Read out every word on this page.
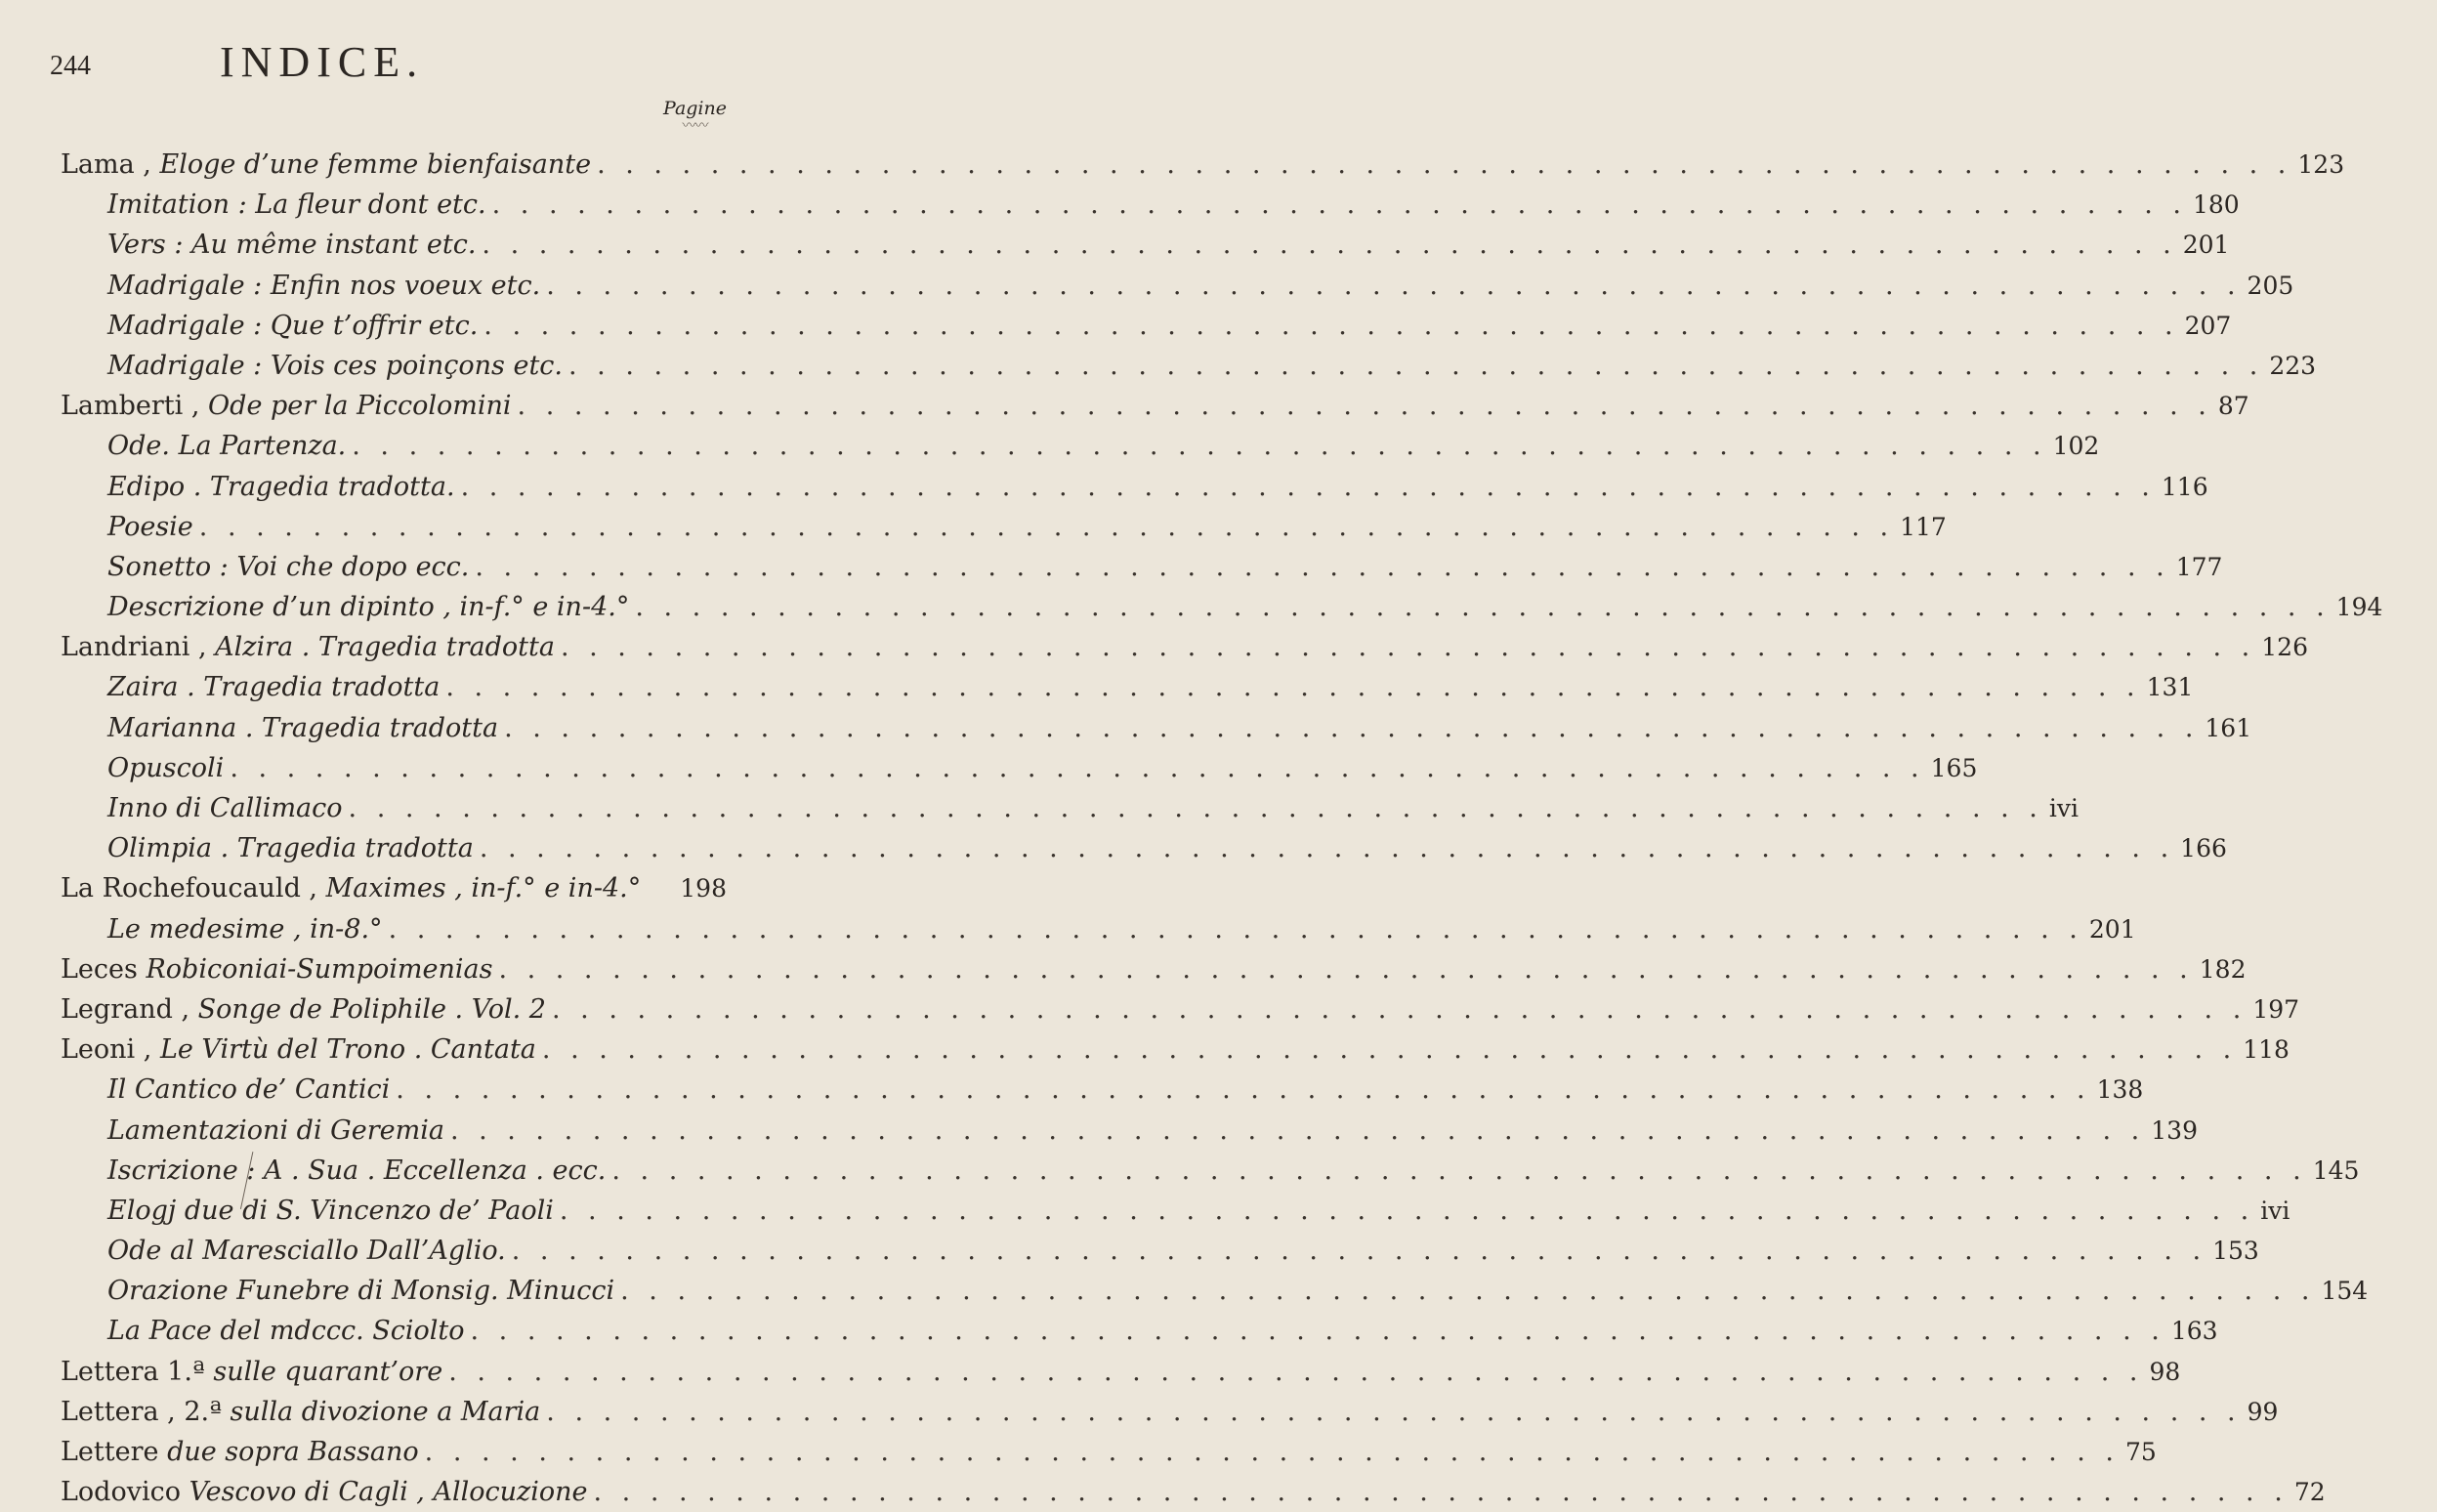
244	INDICE.
Pagine
〰〰
Lama , Eloge d’une femme bienfaisante . . . . . . . . . . . . . . . . . . . . . . . . . . . . . . . . . . . . . . . . . . . . . . . . . . . . . . . . . . . . 123
Imitation : La fleur dont etc. . . . . . . . . . . . . . . . . . . . . . . . . . . . . . . . . . . . . . . . . . . . . . . . . . . . . . . . . . . . . 180
Vers : Au même instant etc. . . . . . . . . . . . . . . . . . . . . . . . . . . . . . . . . . . . . . . . . . . . . . . . . . . . . . . . . . . . . 201
Madrigale : Enfin nos voeux etc. . . . . . . . . . . . . . . . . . . . . . . . . . . . . . . . . . . . . . . . . . . . . . . . . . . . . . . . . . . . . 205
Madrigale : Que t’offrir etc. . . . . . . . . . . . . . . . . . . . . . . . . . . . . . . . . . . . . . . . . . . . . . . . . . . . . . . . . . . . . 207
Madrigale : Vois ces poinçons etc. . . . . . . . . . . . . . . . . . . . . . . . . . . . . . . . . . . . . . . . . . . . . . . . . . . . . . . . . . . . . 223
Lamberti , Ode per la Piccolomini . . . . . . . . . . . . . . . . . . . . . . . . . . . . . . . . . . . . . . . . . . . . . . . . . . . . . . . . . . . . 87
Ode. La Partenza. . . . . . . . . . . . . . . . . . . . . . . . . . . . . . . . . . . . . . . . . . . . . . . . . . . . . . . . . . . . . 102
Edipo . Tragedia tradotta. . . . . . . . . . . . . . . . . . . . . . . . . . . . . . . . . . . . . . . . . . . . . . . . . . . . . . . . . . . . . 116
Poesie . . . . . . . . . . . . . . . . . . . . . . . . . . . . . . . . . . . . . . . . . . . . . . . . . . . . . . . . . . . . 117
Sonetto : Voi che dopo ecc. . . . . . . . . . . . . . . . . . . . . . . . . . . . . . . . . . . . . . . . . . . . . . . . . . . . . . . . . . . . . 177
Descrizione d’un dipinto , in-f.° e in-4.° . . . . . . . . . . . . . . . . . . . . . . . . . . . . . . . . . . . . . . . . . . . . . . . . . . . . . . . . . . . . 194
Landriani , Alzira . Tragedia tradotta . . . . . . . . . . . . . . . . . . . . . . . . . . . . . . . . . . . . . . . . . . . . . . . . . . . . . . . . . . . . 126
Zaira . Tragedia tradotta . . . . . . . . . . . . . . . . . . . . . . . . . . . . . . . . . . . . . . . . . . . . . . . . . . . . . . . . . . . . 131
Marianna . Tragedia tradotta . . . . . . . . . . . . . . . . . . . . . . . . . . . . . . . . . . . . . . . . . . . . . . . . . . . . . . . . . . . . 161
Opuscoli . . . . . . . . . . . . . . . . . . . . . . . . . . . . . . . . . . . . . . . . . . . . . . . . . . . . . . . . . . . . 165
Inno di Callimaco . . . . . . . . . . . . . . . . . . . . . . . . . . . . . . . . . . . . . . . . . . . . . . . . . . . . . . . . . . . . ivi
Olimpia . Tragedia tradotta . . . . . . . . . . . . . . . . . . . . . . . . . . . . . . . . . . . . . . . . . . . . . . . . . . . . . . . . . . . . 166
La Rochefoucauld , Maximes , in-f.° e in-4.°	198
Le medesime , in-8.° . . . . . . . . . . . . . . . . . . . . . . . . . . . . . . . . . . . . . . . . . . . . . . . . . . . . . . . . . . . . 201
Leces Robiconiai-Sumpoimenias . . . . . . . . . . . . . . . . . . . . . . . . . . . . . . . . . . . . . . . . . . . . . . . . . . . . . . . . . . . . 182
Legrand , Songe de Poliphile . Vol. 2 . . . . . . . . . . . . . . . . . . . . . . . . . . . . . . . . . . . . . . . . . . . . . . . . . . . . . . . . . . . . 197
Leoni , Le Virtù del Trono . Cantata . . . . . . . . . . . . . . . . . . . . . . . . . . . . . . . . . . . . . . . . . . . . . . . . . . . . . . . . . . . . 118
Il Cantico de’ Cantici . . . . . . . . . . . . . . . . . . . . . . . . . . . . . . . . . . . . . . . . . . . . . . . . . . . . . . . . . . . . 138
Lamentazioni di Geremia . . . . . . . . . . . . . . . . . . . . . . . . . . . . . . . . . . . . . . . . . . . . . . . . . . . . . . . . . . . . 139
Iscrizione : A . Sua . Eccellenza . ecc. . . . . . . . . . . . . . . . . . . . . . . . . . . . . . . . . . . . . . . . . . . . . . . . . . . . . . . . . . . . . 145
Elogj due di S. Vincenzo de’ Paoli . . . . . . . . . . . . . . . . . . . . . . . . . . . . . . . . . . . . . . . . . . . . . . . . . . . . . . . . . . . . ivi
Ode al Maresciallo Dall’Aglio. . . . . . . . . . . . . . . . . . . . . . . . . . . . . . . . . . . . . . . . . . . . . . . . . . . . . . . . . . . . . 153
Orazione Funebre di Monsig. Minucci . . . . . . . . . . . . . . . . . . . . . . . . . . . . . . . . . . . . . . . . . . . . . . . . . . . . . . . . . . . . 154
La Pace del mdccc. Sciolto . . . . . . . . . . . . . . . . . . . . . . . . . . . . . . . . . . . . . . . . . . . . . . . . . . . . . . . . . . . . 163
Lettera 1.ª sulle quarant’ore . . . . . . . . . . . . . . . . . . . . . . . . . . . . . . . . . . . . . . . . . . . . . . . . . . . . . . . . . . . . 98
Lettera , 2.ª sulla divozione a Maria . . . . . . . . . . . . . . . . . . . . . . . . . . . . . . . . . . . . . . . . . . . . . . . . . . . . . . . . . . . . 99
Lettere due sopra Bassano . . . . . . . . . . . . . . . . . . . . . . . . . . . . . . . . . . . . . . . . . . . . . . . . . . . . . . . . . . . . 75
Lodovico Vescovo di Cagli , Allocuzione . . . . . . . . . . . . . . . . . . . . . . . . . . . . . . . . . . . . . . . . . . . . . . . . . . . . . . . . . . . . 72
